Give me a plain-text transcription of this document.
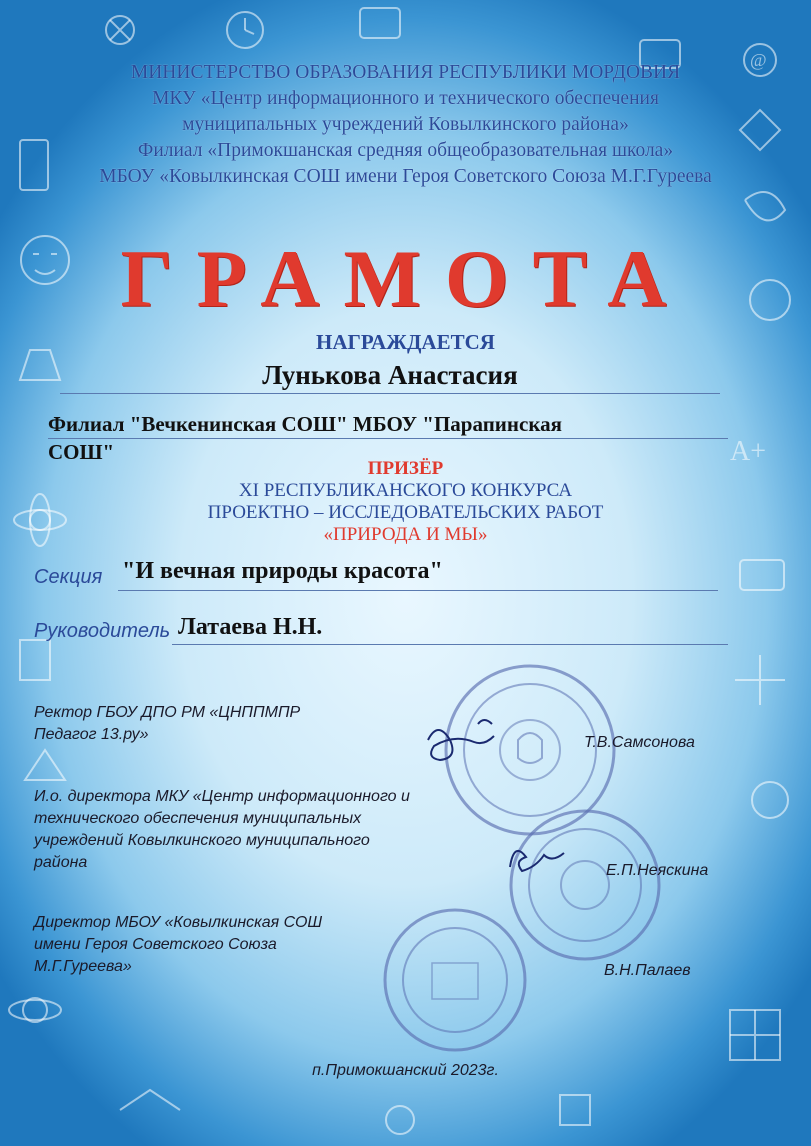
@
A+
МИНИСТЕРСТВО ОБРАЗОВАНИЯ РЕСПУБЛИКИ МОРДОВИЯ
МКУ «Центр информационного и технического обеспечения
муниципальных учреждений Ковылкинского района»
Филиал «Примокшанская средняя общеобразовательная школа»
МБОУ «Ковылкинская СОШ имени Героя Советского Союза М.Г.Гуреева
ГРАМОТА
НАГРАЖДАЕТСЯ
Лунькова Анастасия
Филиал "Вечкенинская СОШ" МБОУ "Парапинская
СОШ"
ПРИЗЁР
XI РЕСПУБЛИКАНСКОГО КОНКУРСА
ПРОЕКТНО – ИССЛЕДОВАТЕЛЬСКИХ РАБОТ
«ПРИРОДА И МЫ»
Секция "И вечная природы красота"
Руководитель Латаева Н.Н.
Ректор ГБОУ ДПО РМ «ЦНППМПР
Педагог 13.ру»	Т.В.Самсонова
И.о. директора МКУ «Центр информационного и
технического обеспечения муниципальных
учреждений Ковылкинского муниципального
района	Е.П.Неяскина
Директор МБОУ «Ковылкинская СОШ
имени Героя Советского Союза
М.Г.Гуреева»	В.Н.Палаев
п.Примокшанский 2023г.
